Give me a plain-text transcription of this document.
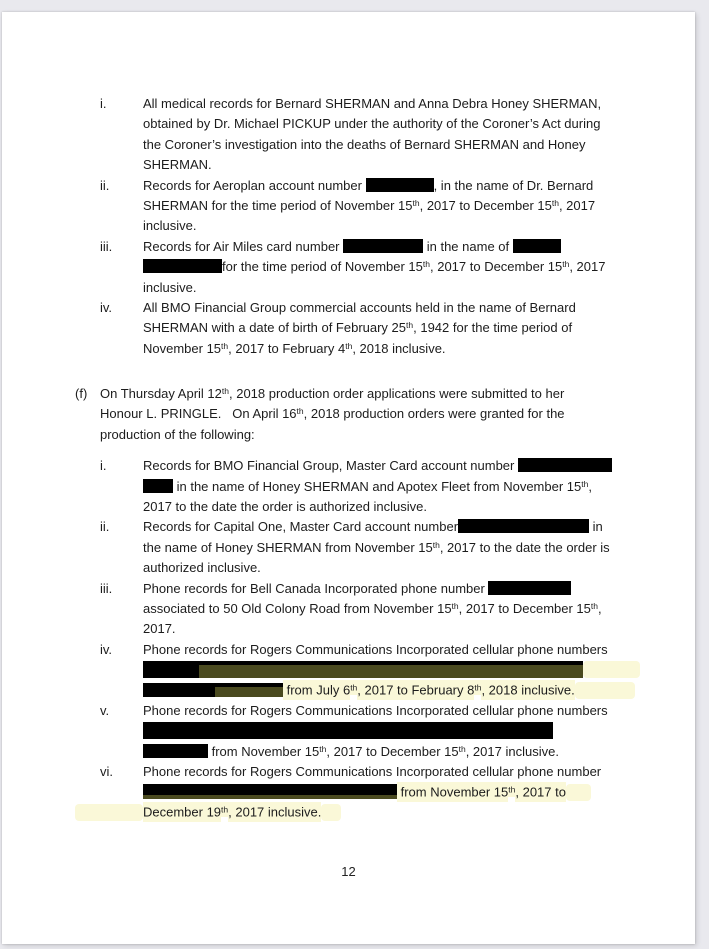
i.	All medical records for Bernard SHERMAN and Anna Debra Honey SHERMAN,
obtained by Dr. Michael PICKUP under the authority of the Coroner’s Act during
the Coroner’s investigation into the deaths of Bernard SHERMAN and Honey
SHERMAN.
ii.	Records for Aeroplan account number	, in the name of Dr. Bernard
SHERMAN for the time period of November 15th, 2017 to December 15th, 2017
inclusive.
iii. Records for Air Miles card number	in the name of
for the time period of November 15th, 2017 to December 15th, 2017
inclusive.
iv. All BMO Financial Group commercial accounts held in the name of Bernard
SHERMAN with a date of birth of February 25th, 1942 for the time period of
November 15th, 2017 to February 4th, 2018 inclusive.
(f) On Thursday April 12th, 2018 production order applications were submitted to her
Honour L. PRINGLE.   On April 16th, 2018 production orders were granted for the
production of the following:
i.	Records for BMO Financial Group, Master Card account number
in the name of Honey SHERMAN and Apotex Fleet from November 15th,
2017 to the date the order is authorized inclusive.
ii.	Records for Capital One, Master Card account number	in
the name of Honey SHERMAN from November 15th, 2017 to the date the order is
authorized inclusive.
iii. Phone records for Bell Canada Incorporated phone number
associated to 50 Old Colony Road from November 15th, 2017 to December 15th,
2017.
iv. Phone records for Rogers Communications Incorporated cellular phone numbers
from July 6th, 2017 to February 8th, 2018 inclusive.
v.	Phone records for Rogers Communications Incorporated cellular phone numbers
from November 15th, 2017 to December 15th, 2017 inclusive.
vi. Phone records for Rogers Communications Incorporated cellular phone number
from November 15th, 2017 to
December 19th, 2017 inclusive.
12
